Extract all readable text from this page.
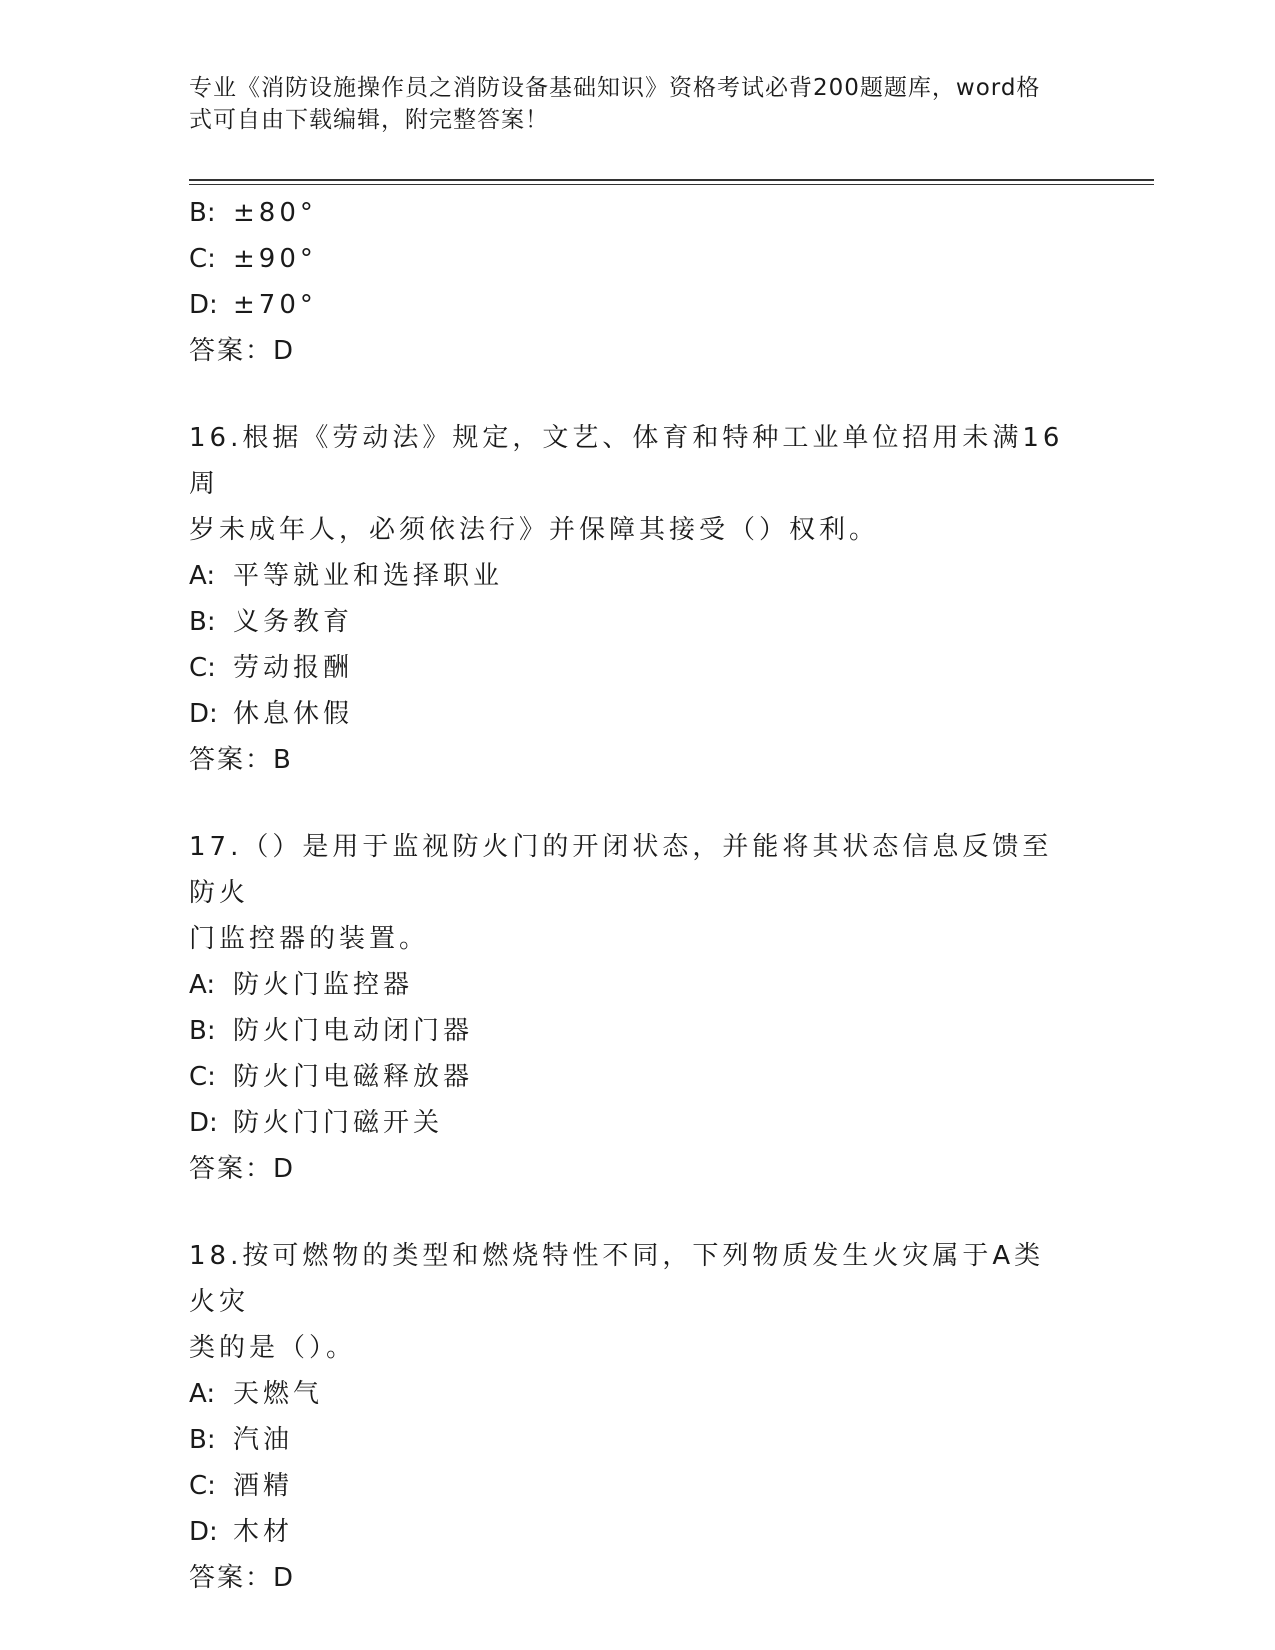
专业《消防设施操作员之消防设备基础知识》资格考试必背200题题库，word格
式可自由下载编辑，附完整答案！
B: ±80°
C: ±90°
D: ±70°
答案：D
16.根据《劳动法》规定，文艺、体育和特种工业单位招用未满16周
岁未成年人，必须依法行》并保障其接受（）权利。
A: 平等就业和选择职业
B: 义务教育
C: 劳动报酬
D: 休息休假
答案：B
17.（）是用于监视防火门的开闭状态，并能将其状态信息反馈至防火
门监控器的装置。
A: 防火门监控器
B: 防火门电动闭门器
C: 防火门电磁释放器
D: 防火门门磁开关
答案：D
18.按可燃物的类型和燃烧特性不同，下列物质发生火灾属于A类火灾
类的是（）。
A: 天燃气
B: 汽油
C: 酒精
D: 木材
答案：D
